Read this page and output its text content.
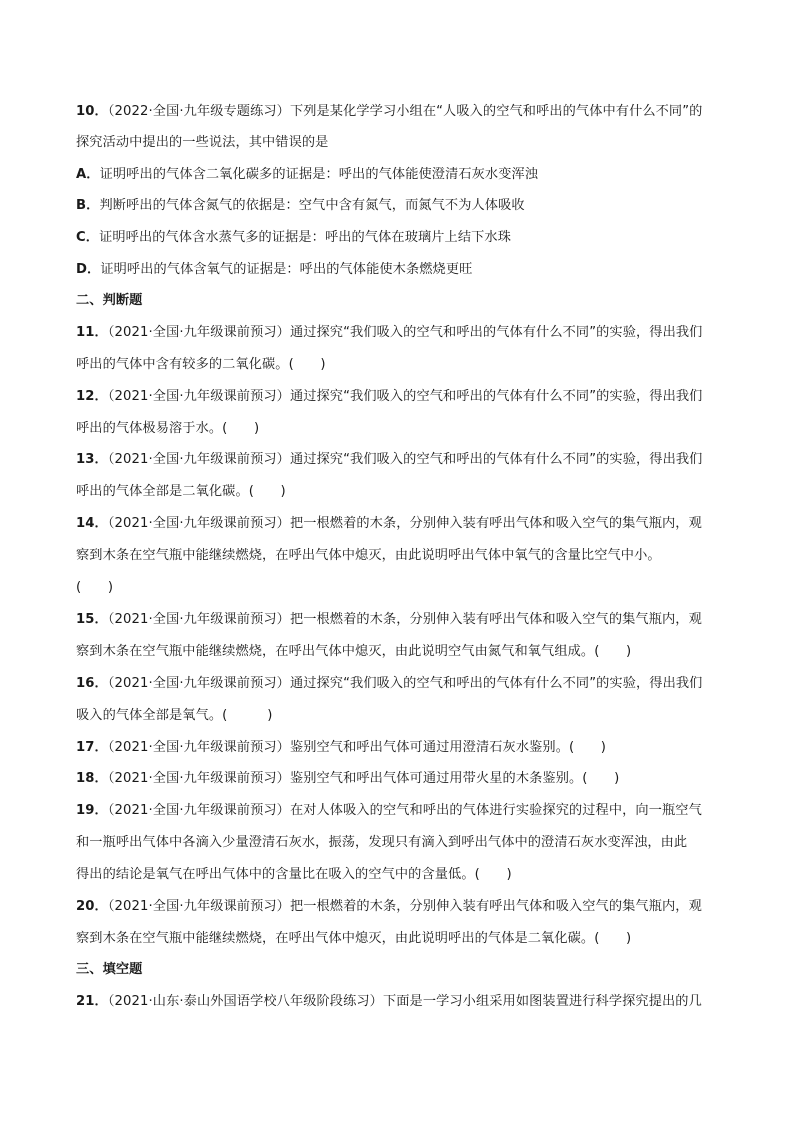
10．（2022·全国·九年级专题练习）下列是某化学学习小组在“人吸入的空气和呼出的气体中有什么不同”的
探究活动中提出的一些说法，其中错误的是
A．证明呼出的气体含二氧化碳多的证据是：呼出的气体能使澄清石灰水变浑浊
B．判断呼出的气体含氮气的依据是：空气中含有氮气，而氮气不为人体吸收
C．证明呼出的气体含水蒸气多的证据是：呼出的气体在玻璃片上结下水珠
D．证明呼出的气体含氧气的证据是：呼出的气体能使木条燃烧更旺
二、判断题
11．（2021·全国·九年级课前预习）通过探究“我们吸入的空气和呼出的气体有什么不同”的实验，得出我们
呼出的气体中含有较多的二氧化碳。(　　)
12．（2021·全国·九年级课前预习）通过探究“我们吸入的空气和呼出的气体有什么不同”的实验，得出我们
呼出的气体极易溶于水。(　　)
13．（2021·全国·九年级课前预习）通过探究“我们吸入的空气和呼出的气体有什么不同”的实验，得出我们
呼出的气体全部是二氧化碳。(　　)
14．（2021·全国·九年级课前预习）把一根燃着的木条，分别伸入装有呼出气体和吸入空气的集气瓶内，观
察到木条在空气瓶中能继续燃烧，在呼出气体中熄灭，由此说明呼出气体中氧气的含量比空气中小。
(　　)
15．（2021·全国·九年级课前预习）把一根燃着的木条，分别伸入装有呼出气体和吸入空气的集气瓶内，观
察到木条在空气瓶中能继续燃烧，在呼出气体中熄灭，由此说明空气由氮气和氧气组成。(　　)
16．（2021·全国·九年级课前预习）通过探究“我们吸入的空气和呼出的气体有什么不同”的实验，得出我们
吸入的气体全部是氧气。(　　　)
17．（2021·全国·九年级课前预习）鉴别空气和呼出气体可通过用澄清石灰水鉴别。(　　)
18．（2021·全国·九年级课前预习）鉴别空气和呼出气体可通过用带火星的木条鉴别。(　　)
19．（2021·全国·九年级课前预习）在对人体吸入的空气和呼出的气体进行实验探究的过程中，向一瓶空气
和一瓶呼出气体中各滴入少量澄清石灰水，振荡，发现只有滴入到呼出气体中的澄清石灰水变浑浊，由此
得出的结论是氧气在呼出气体中的含量比在吸入的空气中的含量低。(　　)
20．（2021·全国·九年级课前预习）把一根燃着的木条，分别伸入装有呼出气体和吸入空气的集气瓶内，观
察到木条在空气瓶中能继续燃烧，在呼出气体中熄灭，由此说明呼出的气体是二氧化碳。(　　)
三、填空题
21．（2021·山东·泰山外国语学校八年级阶段练习）下面是一学习小组采用如图装置进行科学探究提出的几
